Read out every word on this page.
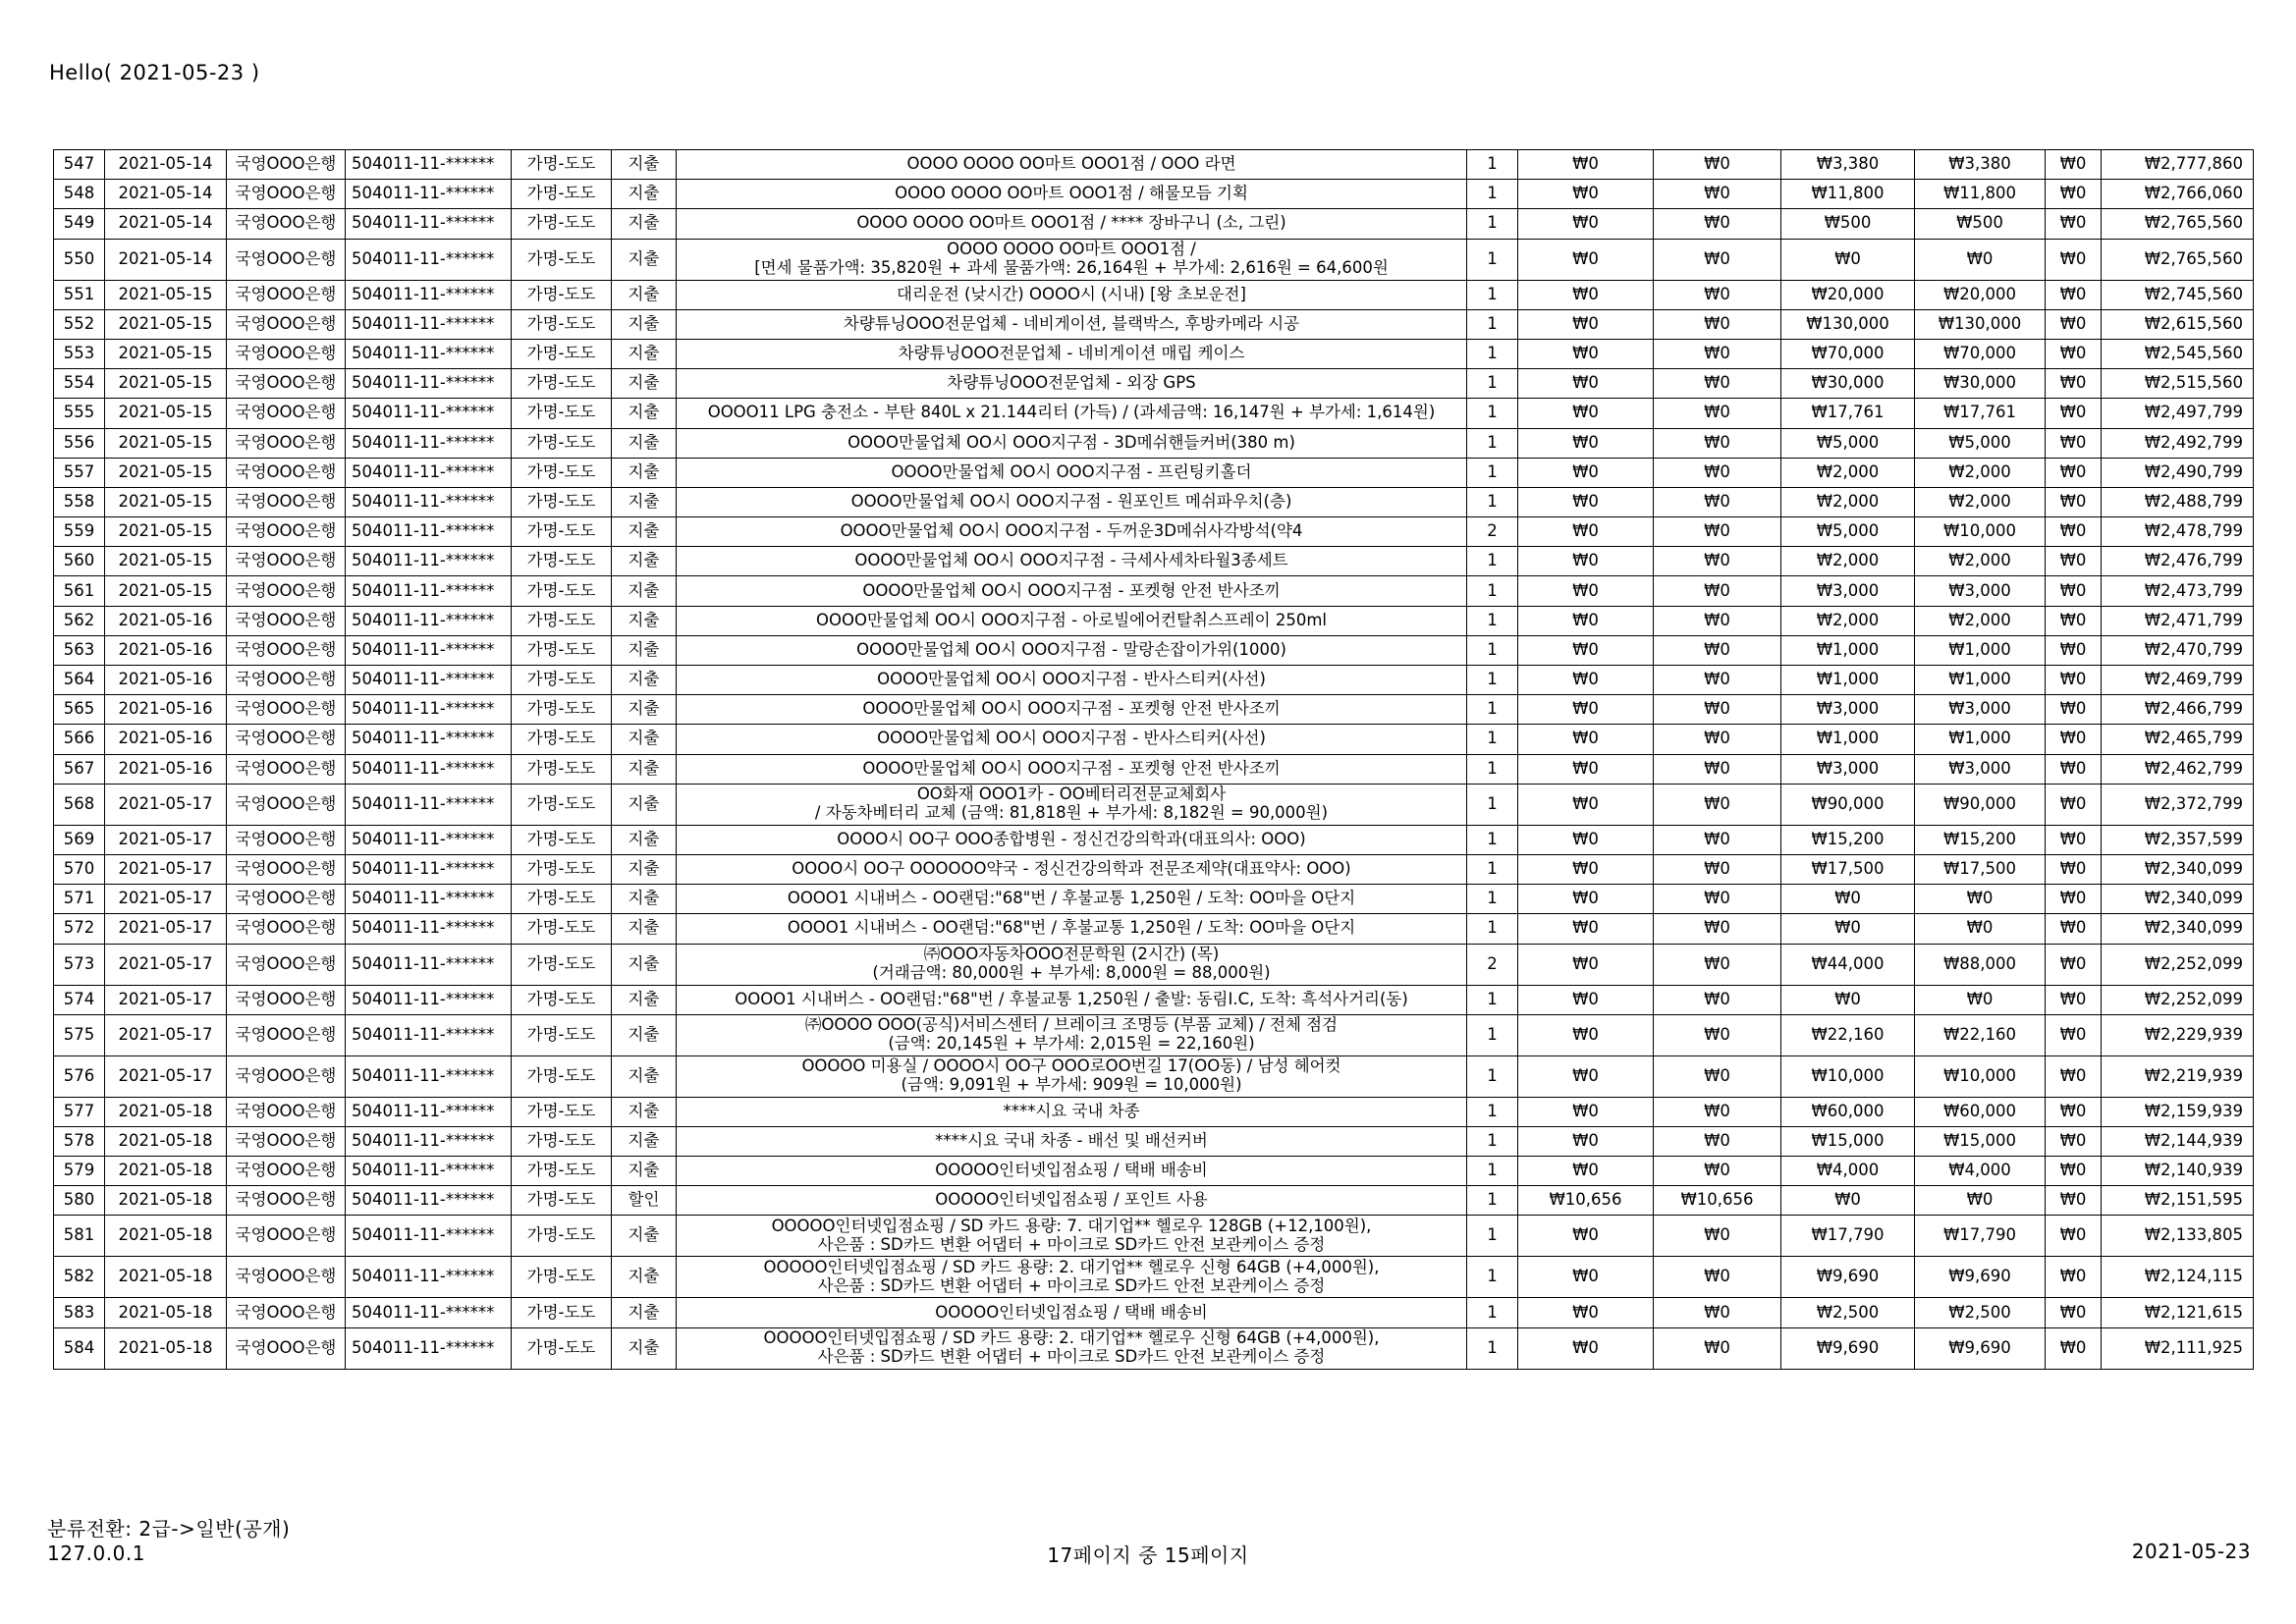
Hello( 2021-05-23 )
547	2021-05-14	국영OOO은행	504011-11-******	가명-도도	지출	OOOO OOOO OO마트 OOO1점 / OOO 라면	1	₩0	₩0	₩3,380	₩3,380	₩0	₩2,777,860
548	2021-05-14	국영OOO은행	504011-11-******	가명-도도	지출	OOOO OOOO OO마트 OOO1점 / 해물모듬 기획	1	₩0	₩0	₩11,800	₩11,800	₩0	₩2,766,060
549	2021-05-14	국영OOO은행	504011-11-******	가명-도도	지출	OOOO OOOO OO마트 OOO1점 / **** 장바구니 (소, 그린)	1	₩0	₩0	₩500	₩500	₩0	₩2,765,560
550	2021-05-14	국영OOO은행	504011-11-******	가명-도도	지출	OOOO OOOO OO마트 OOO1점 /
[면세 물품가액: 35,820원 + 과세 물품가액: 26,164원 + 부가세: 2,616원 = 64,600원	1	₩0	₩0	₩0	₩0	₩0	₩2,765,560
551	2021-05-15	국영OOO은행	504011-11-******	가명-도도	지출	대리운전 (낮시간) OOOO시 (시내) [왕 초보운전]	1	₩0	₩0	₩20,000	₩20,000	₩0	₩2,745,560
552	2021-05-15	국영OOO은행	504011-11-******	가명-도도	지출	차량튜닝OOO전문업체 - 네비게이션, 블랙박스, 후방카메라 시공	1	₩0	₩0	₩130,000	₩130,000	₩0	₩2,615,560
553	2021-05-15	국영OOO은행	504011-11-******	가명-도도	지출	차량튜닝OOO전문업체 - 네비게이션 매립 케이스	1	₩0	₩0	₩70,000	₩70,000	₩0	₩2,545,560
554	2021-05-15	국영OOO은행	504011-11-******	가명-도도	지출	차량튜닝OOO전문업체 - 외장 GPS	1	₩0	₩0	₩30,000	₩30,000	₩0	₩2,515,560
555	2021-05-15	국영OOO은행	504011-11-******	가명-도도	지출	OOOO11 LPG 충전소 - 부탄 840L x 21.144리터 (가득) / (과세금액: 16,147원 + 부가세: 1,614원)	1	₩0	₩0	₩17,761	₩17,761	₩0	₩2,497,799
556	2021-05-15	국영OOO은행	504011-11-******	가명-도도	지출	OOOO만물업체 OO시 OOO지구점 - 3D메쉬핸들커버(380 m)	1	₩0	₩0	₩5,000	₩5,000	₩0	₩2,492,799
557	2021-05-15	국영OOO은행	504011-11-******	가명-도도	지출	OOOO만물업체 OO시 OOO지구점 - 프린팅키홀더	1	₩0	₩0	₩2,000	₩2,000	₩0	₩2,490,799
558	2021-05-15	국영OOO은행	504011-11-******	가명-도도	지출	OOOO만물업체 OO시 OOO지구점 - 원포인트 메쉬파우치(층)	1	₩0	₩0	₩2,000	₩2,000	₩0	₩2,488,799
559	2021-05-15	국영OOO은행	504011-11-******	가명-도도	지출	OOOO만물업체 OO시 OOO지구점 - 두꺼운3D메쉬사각방석(약4	2	₩0	₩0	₩5,000	₩10,000	₩0	₩2,478,799
560	2021-05-15	국영OOO은행	504011-11-******	가명-도도	지출	OOOO만물업체 OO시 OOO지구점 - 극세사세차타월3종세트	1	₩0	₩0	₩2,000	₩2,000	₩0	₩2,476,799
561	2021-05-15	국영OOO은행	504011-11-******	가명-도도	지출	OOOO만물업체 OO시 OOO지구점 - 포켓형 안전 반사조끼	1	₩0	₩0	₩3,000	₩3,000	₩0	₩2,473,799
562	2021-05-16	국영OOO은행	504011-11-******	가명-도도	지출	OOOO만물업체 OO시 OOO지구점 - 아로빌에어컨탈취스프레이 250ml	1	₩0	₩0	₩2,000	₩2,000	₩0	₩2,471,799
563	2021-05-16	국영OOO은행	504011-11-******	가명-도도	지출	OOOO만물업체 OO시 OOO지구점 - 말랑손잡이가위(1000)	1	₩0	₩0	₩1,000	₩1,000	₩0	₩2,470,799
564	2021-05-16	국영OOO은행	504011-11-******	가명-도도	지출	OOOO만물업체 OO시 OOO지구점 - 반사스티커(사선)	1	₩0	₩0	₩1,000	₩1,000	₩0	₩2,469,799
565	2021-05-16	국영OOO은행	504011-11-******	가명-도도	지출	OOOO만물업체 OO시 OOO지구점 - 포켓형 안전 반사조끼	1	₩0	₩0	₩3,000	₩3,000	₩0	₩2,466,799
566	2021-05-16	국영OOO은행	504011-11-******	가명-도도	지출	OOOO만물업체 OO시 OOO지구점 - 반사스티커(사선)	1	₩0	₩0	₩1,000	₩1,000	₩0	₩2,465,799
567	2021-05-16	국영OOO은행	504011-11-******	가명-도도	지출	OOOO만물업체 OO시 OOO지구점 - 포켓형 안전 반사조끼	1	₩0	₩0	₩3,000	₩3,000	₩0	₩2,462,799
568	2021-05-17	국영OOO은행	504011-11-******	가명-도도	지출	OO화재 OOO1카 - OO베터리전문교체회사
/ 자동차베터리 교체 (금액: 81,818원 + 부가세: 8,182원 = 90,000원)	1	₩0	₩0	₩90,000	₩90,000	₩0	₩2,372,799
569	2021-05-17	국영OOO은행	504011-11-******	가명-도도	지출	OOOO시 OO구 OOO종합병원 - 정신건강의학과(대표의사: OOO)	1	₩0	₩0	₩15,200	₩15,200	₩0	₩2,357,599
570	2021-05-17	국영OOO은행	504011-11-******	가명-도도	지출	OOOO시 OO구 OOOOOO약국 - 정신건강의학과 전문조제약(대표약사: OOO)	1	₩0	₩0	₩17,500	₩17,500	₩0	₩2,340,099
571	2021-05-17	국영OOO은행	504011-11-******	가명-도도	지출	OOOO1 시내버스 - OO랜덤:"68"번 / 후불교통 1,250원 / 도착: OO마을 O단지	1	₩0	₩0	₩0	₩0	₩0	₩2,340,099
572	2021-05-17	국영OOO은행	504011-11-******	가명-도도	지출	OOOO1 시내버스 - OO랜덤:"68"번 / 후불교통 1,250원 / 도착: OO마을 O단지	1	₩0	₩0	₩0	₩0	₩0	₩2,340,099
573	2021-05-17	국영OOO은행	504011-11-******	가명-도도	지출	㈜OOO자동차OOO전문학원 (2시간) (목)
(거래금액: 80,000원 + 부가세: 8,000원 = 88,000원)	2	₩0	₩0	₩44,000	₩88,000	₩0	₩2,252,099
574	2021-05-17	국영OOO은행	504011-11-******	가명-도도	지출	OOOO1 시내버스 - OO랜덤:"68"번 / 후불교통 1,250원 / 출발: 동림I.C, 도착: 흑석사거리(동)	1	₩0	₩0	₩0	₩0	₩0	₩2,252,099
575	2021-05-17	국영OOO은행	504011-11-******	가명-도도	지출	㈜OOOO OOO(공식)서비스센터 / 브레이크 조명등 (부품 교체) / 전체 점검
(금액: 20,145원 + 부가세: 2,015원 = 22,160원)	1	₩0	₩0	₩22,160	₩22,160	₩0	₩2,229,939
576	2021-05-17	국영OOO은행	504011-11-******	가명-도도	지출	OOOOO 미용실 / OOOO시 OO구 OOO로OO번길 17(OO동) / 남성 헤어컷
(금액: 9,091원 + 부가세: 909원 = 10,000원)	1	₩0	₩0	₩10,000	₩10,000	₩0	₩2,219,939
577	2021-05-18	국영OOO은행	504011-11-******	가명-도도	지출	****시요 국내 차종	1	₩0	₩0	₩60,000	₩60,000	₩0	₩2,159,939
578	2021-05-18	국영OOO은행	504011-11-******	가명-도도	지출	****시요 국내 차종 - 배선 및 배선커버	1	₩0	₩0	₩15,000	₩15,000	₩0	₩2,144,939
579	2021-05-18	국영OOO은행	504011-11-******	가명-도도	지출	OOOOO인터넷입점쇼핑 / 택배 배송비	1	₩0	₩0	₩4,000	₩4,000	₩0	₩2,140,939
580	2021-05-18	국영OOO은행	504011-11-******	가명-도도	할인	OOOOO인터넷입점쇼핑 / 포인트 사용	1	₩10,656	₩10,656	₩0	₩0	₩0	₩2,151,595
581	2021-05-18	국영OOO은행	504011-11-******	가명-도도	지출	OOOOO인터넷입점쇼핑 / SD 카드 용량: 7. 대기업** 헬로우 128GB (+12,100원),
사은품 : SD카드 변환 어댑터 + 마이크로 SD카드 안전 보관케이스 증정	1	₩0	₩0	₩17,790	₩17,790	₩0	₩2,133,805
582	2021-05-18	국영OOO은행	504011-11-******	가명-도도	지출	OOOOO인터넷입점쇼핑 / SD 카드 용량: 2. 대기업** 헬로우 신형 64GB (+4,000원),
사은품 : SD카드 변환 어댑터 + 마이크로 SD카드 안전 보관케이스 증정	1	₩0	₩0	₩9,690	₩9,690	₩0	₩2,124,115
583	2021-05-18	국영OOO은행	504011-11-******	가명-도도	지출	OOOOO인터넷입점쇼핑 / 택배 배송비	1	₩0	₩0	₩2,500	₩2,500	₩0	₩2,121,615
584	2021-05-18	국영OOO은행	504011-11-******	가명-도도	지출	OOOOO인터넷입점쇼핑 / SD 카드 용량: 2. 대기업** 헬로우 신형 64GB (+4,000원),
사은품 : SD카드 변환 어댑터 + 마이크로 SD카드 안전 보관케이스 증정	1	₩0	₩0	₩9,690	₩9,690	₩0	₩2,111,925
분류전환: 2급->일반(공개)
127.0.0.1	17페이지 중 15페이지	2021-05-23
